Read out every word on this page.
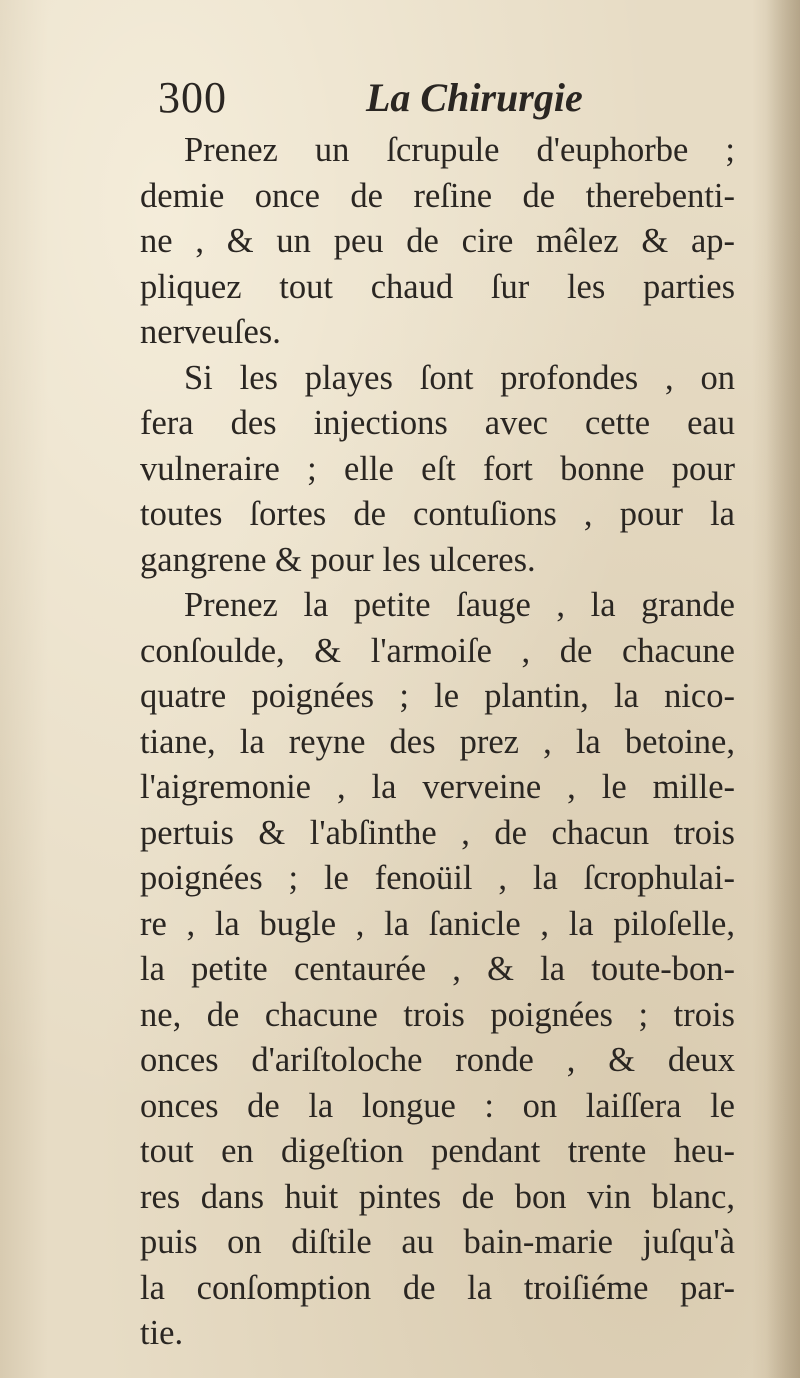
300	La Chirurgie
Prenez un ſcrupule d'euphorbe ;
demie once de reſine de therebenti-
ne , & un peu de cire mêlez & ap-
pliquez tout chaud ſur les parties
nerveuſes.
Si les playes ſont profondes , on
fera des injections avec cette eau
vulneraire ; elle eſt fort bonne pour
toutes ſortes de contuſions , pour la
gangrene & pour les ulceres.
Prenez la petite ſauge , la grande
conſoulde, & l'armoiſe , de chacune
quatre poignées ; le plantin, la nico-
tiane, la reyne des prez , la betoine,
l'aigremonie , la verveine , le mille-
pertuis & l'abſinthe , de chacun trois
poignées ; le fenoüil , la ſcrophulai-
re , la bugle , la ſanicle , la piloſelle,
la petite centaurée , & la toute-bon-
ne, de chacune trois poignées ; trois
onces d'ariſtoloche ronde , & deux
onces de la longue : on laiſſera le
tout en digeſtion pendant trente heu-
res dans huit pintes de bon vin blanc,
puis on diſtile au bain-marie juſqu'à
la conſomption de la troiſiéme par-
tie.
